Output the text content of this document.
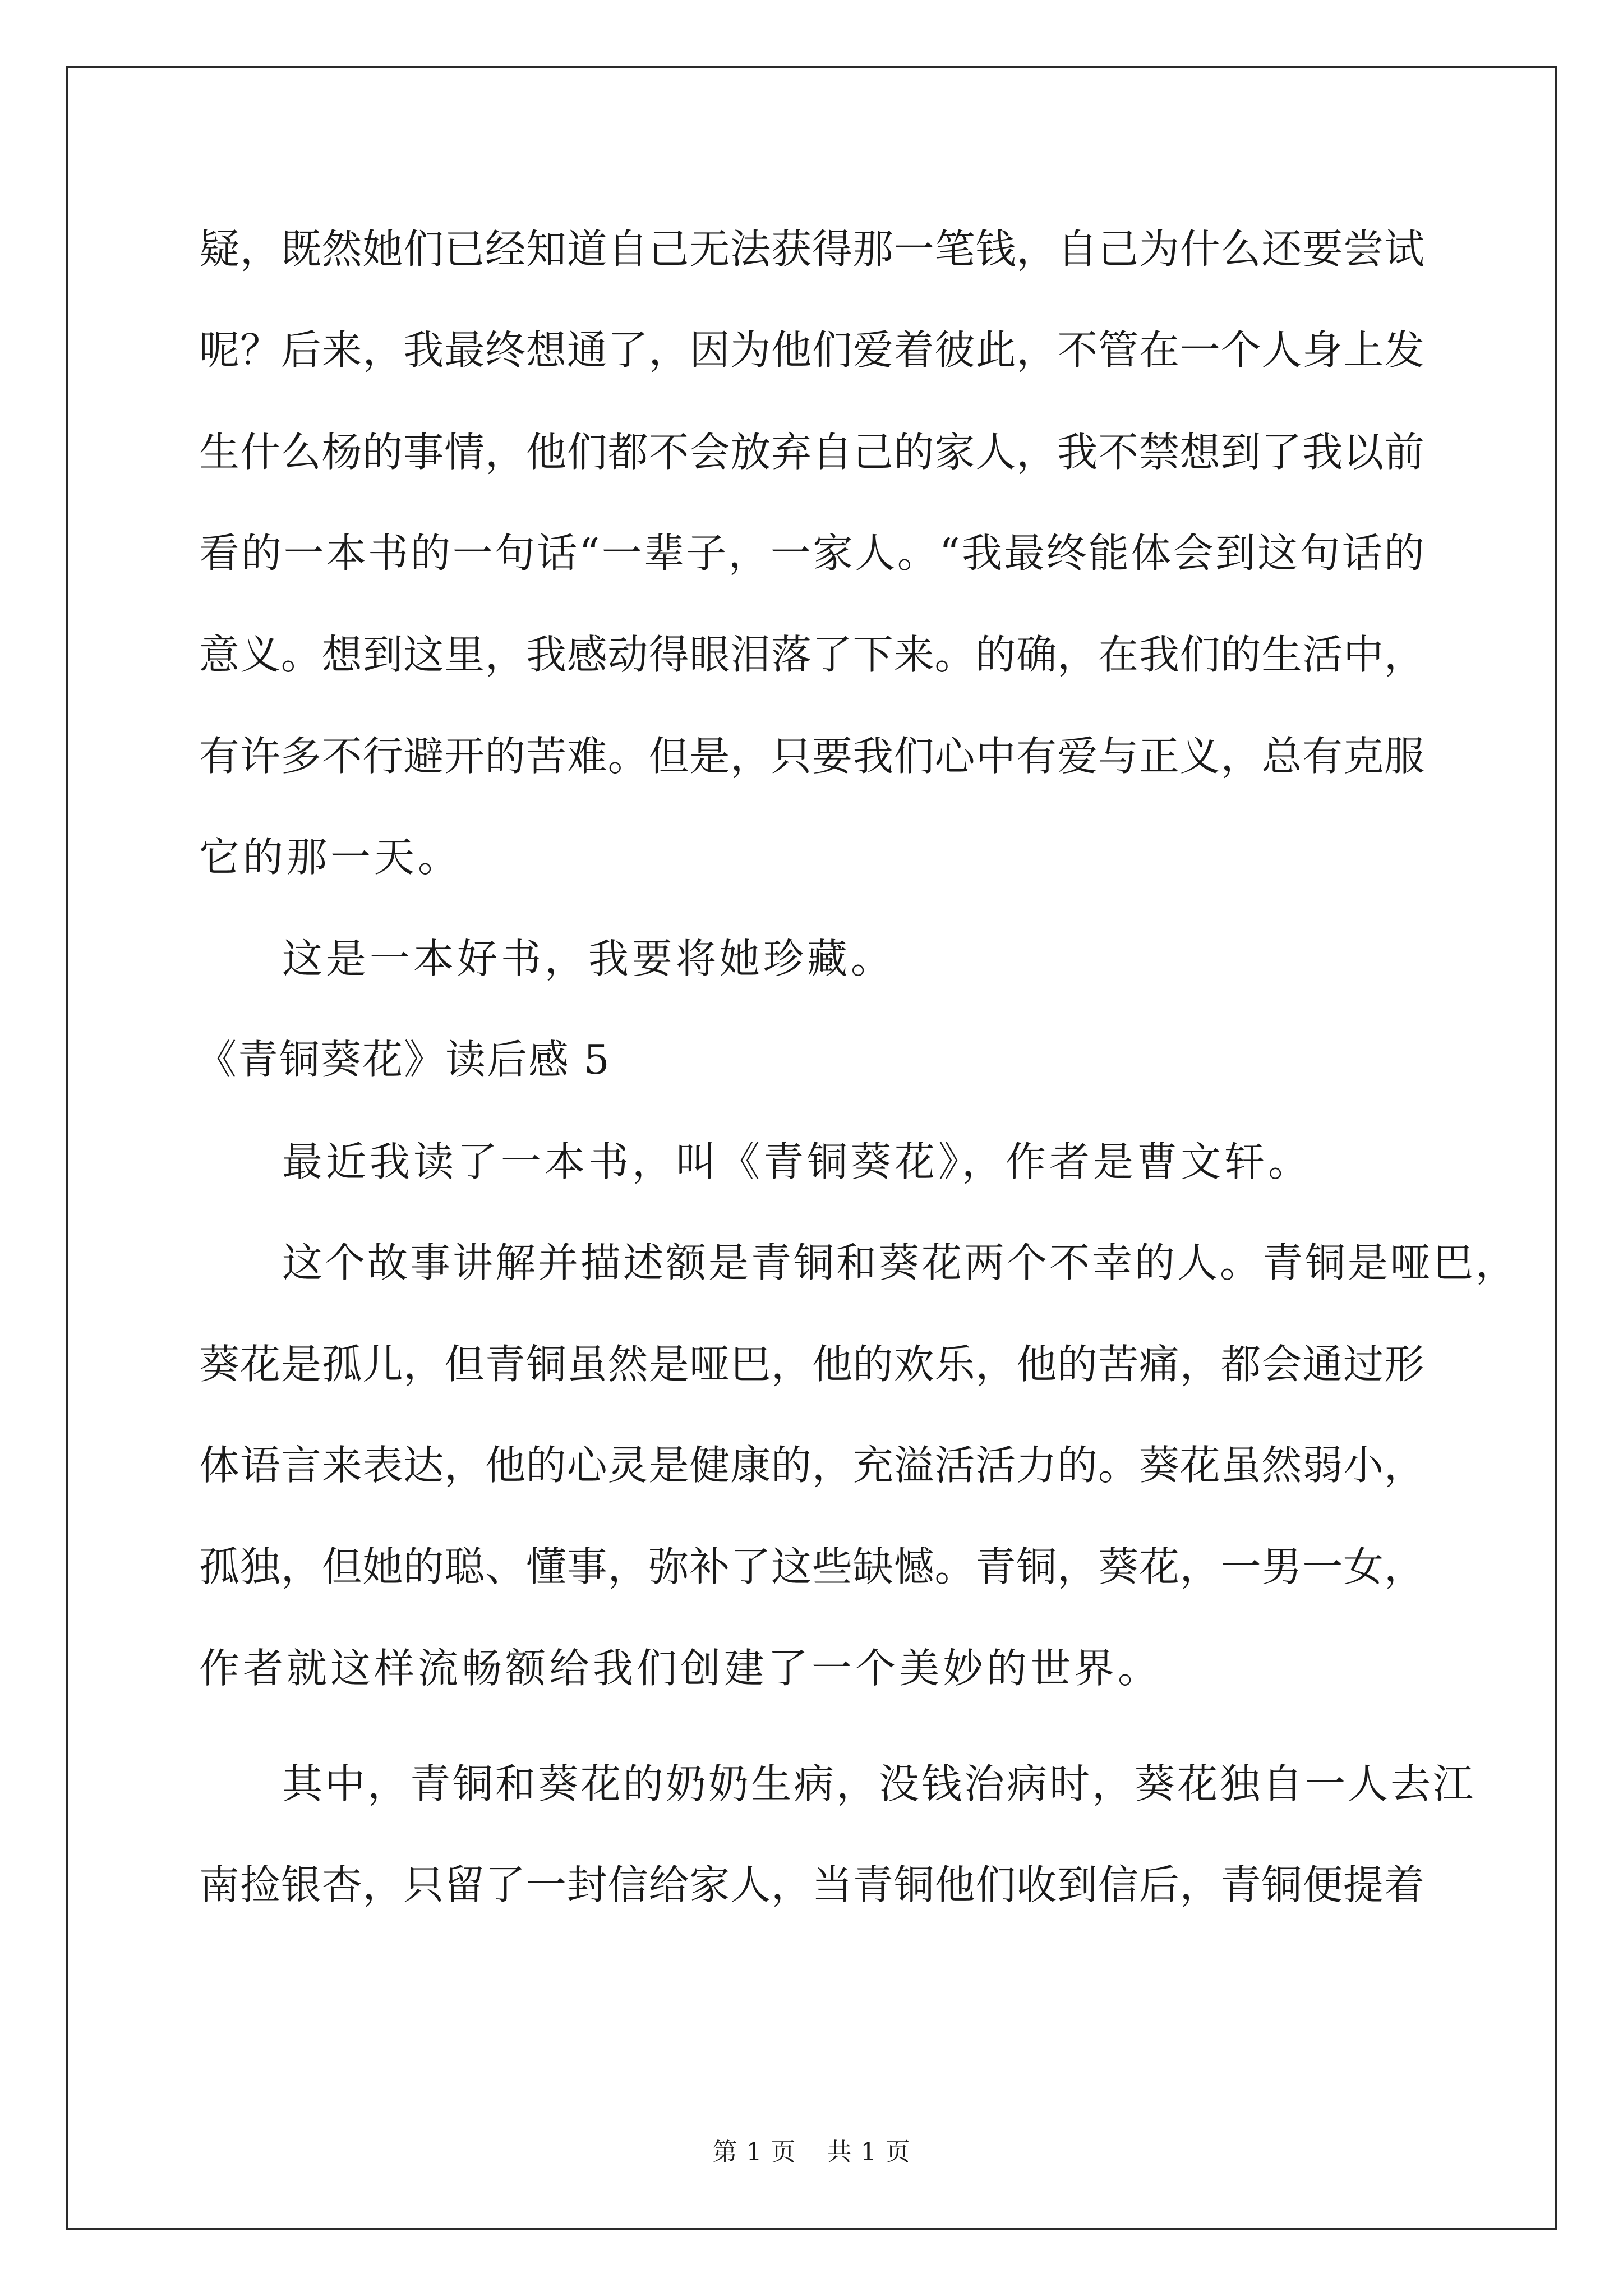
疑，既然她们已经知道自己无法获得那一笔钱，自己为什么还要尝试
呢？后来，我最终想通了，因为他们爱着彼此，不管在一个人身上发
生什么杨的事情，他们都不会放弃自己的家人，我不禁想到了我以前
看的一本书的一句话“一辈子，一家人。“我最终能体会到这句话的
意义。想到这里，我感动得眼泪落了下来。的确，在我们的生活中，
有许多不行避开的苦难。但是，只要我们心中有爱与正义，总有克服
它的那一天。
这是一本好书，我要将她珍藏。
《青铜葵花》读后感 5
最近我读了一本书，叫《青铜葵花》，作者是曹文轩。
这个故事讲解并描述额是青铜和葵花两个不幸的人。青铜是哑巴，
葵花是孤儿，但青铜虽然是哑巴，他的欢乐，他的苦痛，都会通过形
体语言来表达，他的心灵是健康的，充溢活活力的。葵花虽然弱小，
孤独，但她的聪、懂事，弥补了这些缺憾。青铜，葵花，一男一女，
作者就这样流畅额给我们创建了一个美妙的世界。
其中，青铜和葵花的奶奶生病，没钱治病时，葵花独自一人去江
南捡银杏，只留了一封信给家人，当青铜他们收到信后，青铜便提着
第 1 页 共 1 页
